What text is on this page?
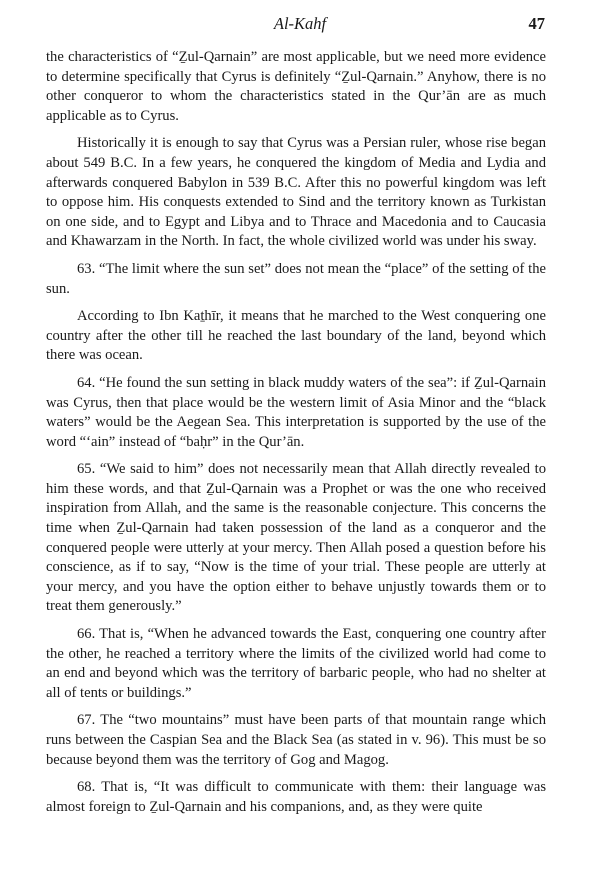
Al-Kahf	47

the characteristics of “Ẕul-Qarnain” are most applicable, but we need more evidence to determine specifically that Cyrus is definitely “Ẕul-Qarnain.” Anyhow, there is no other conqueror to whom the characteristics stated in the Qur’ān are as much applicable as to Cyrus.

Historically it is enough to say that Cyrus was a Persian ruler, whose rise began about 549 B.C. In a few years, he conquered the kingdom of Media and Lydia and afterwards conquered Babylon in 539 B.C. After this no powerful kingdom was left to oppose him. His conquests extended to Sind and the territory known as Turkistan on one side, and to Egypt and Libya and to Thrace and Macedonia and to Caucasia and Khawarzam in the North. In fact, the whole civilized world was under his sway.

63. “The limit where the sun set” does not mean the “place” of the setting of the sun.

According to Ibn Kaṯhīr, it means that he marched to the West conquering one country after the other till he reached the last boundary of the land, beyond which there was ocean.

64. “He found the sun setting in black muddy waters of the sea”: if Ẕul-Qarnain was Cyrus, then that place would be the western limit of Asia Minor and the “black waters” would be the Aegean Sea. This interpretation is supported by the use of the word “‘ain” instead of “baḥr” in the Qur’ān.

65. “We said to him” does not necessarily mean that Allah directly revealed to him these words, and that Ẕul-Qarnain was a Prophet or was the one who received inspiration from Allah, and the same is the reasonable conjecture. This concerns the time when Ẕul-Qarnain had taken possession of the land as a conqueror and the conquered people were utterly at your mercy. Then Allah posed a question before his conscience, as if to say, “Now is the time of your trial. These people are utterly at your mercy, and you have the option either to behave unjustly towards them or to treat them generously.”

66. That is, “When he advanced towards the East, conquering one country after the other, he reached a territory where the limits of the civilized world had come to an end and beyond which was the territory of barbaric people, who had no shelter at all of tents or buildings.”

67. The “two mountains” must have been parts of that mountain range which runs between the Caspian Sea and the Black Sea (as stated in v. 96). This must be so because beyond them was the territory of Gog and Magog.

68. That is, “It was difficult to communicate with them: their language was almost foreign to Ẕul-Qarnain and his companions, and, as they were quite
